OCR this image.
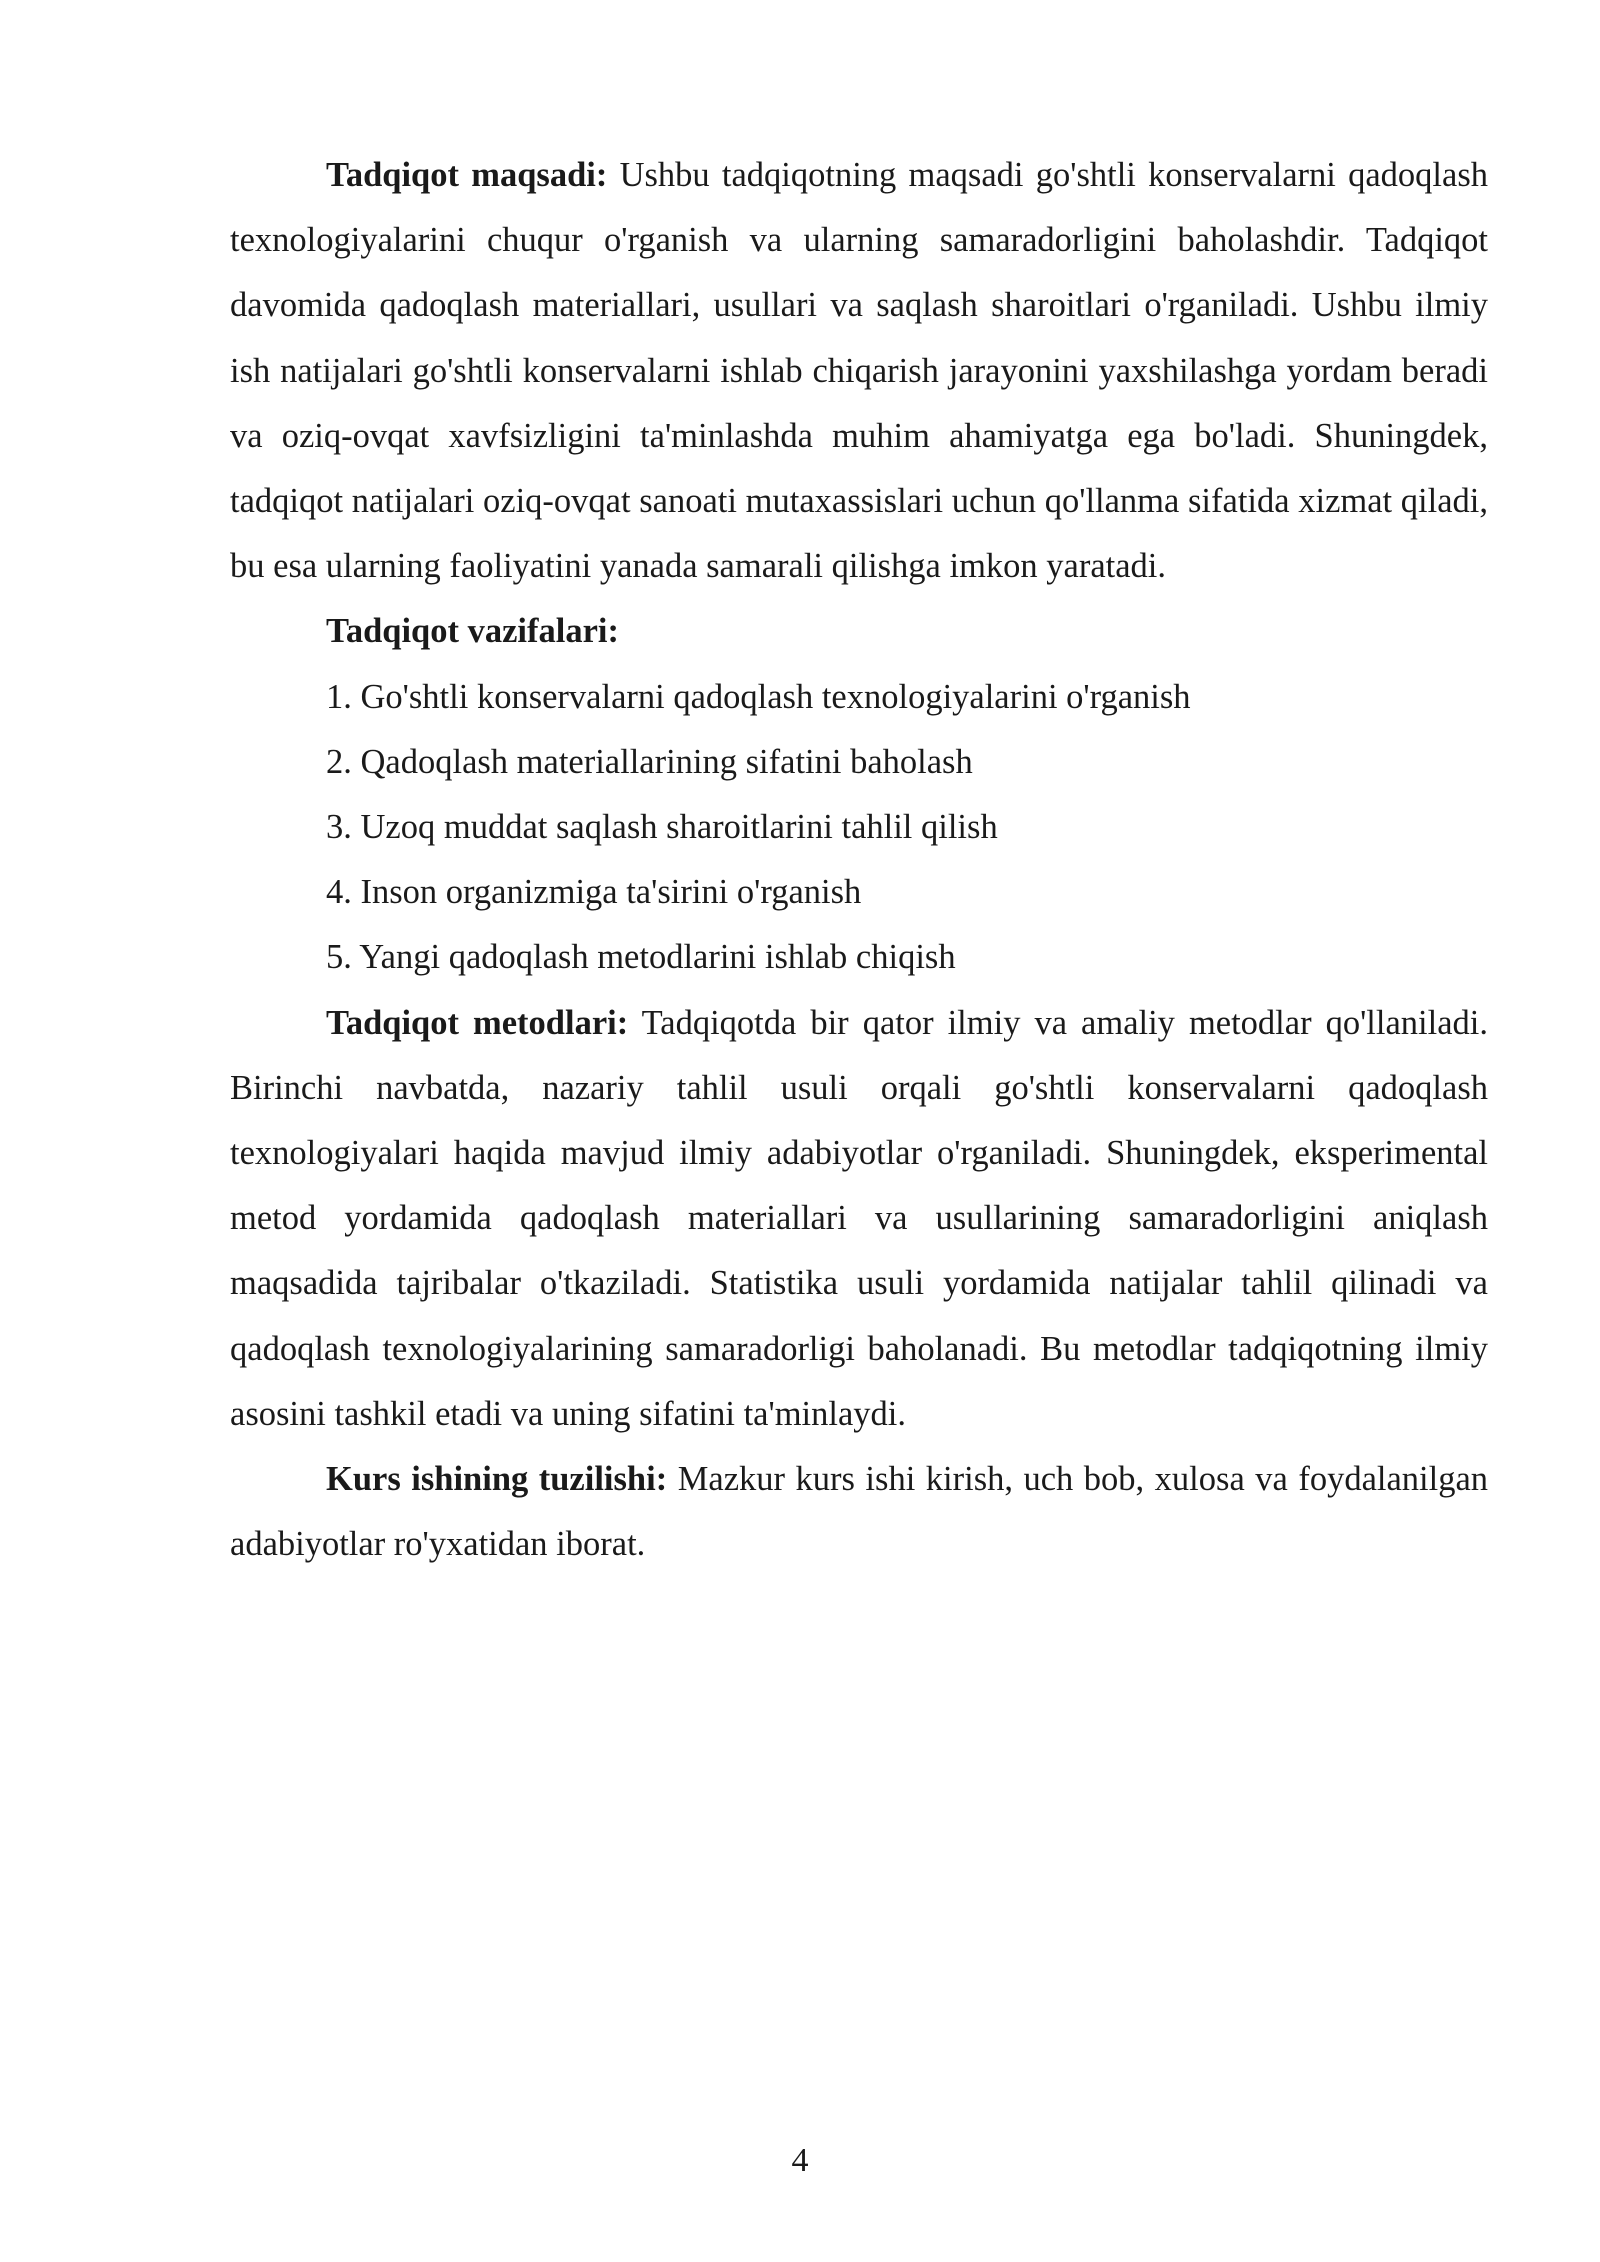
Tadqiqot maqsadi: Ushbu tadqiqotning maqsadi go'shtli konservalarni qadoqlash texnologiyalarini chuqur o'rganish va ularning samaradorligini baholashdir. Tadqiqot davomida qadoqlash materiallari, usullari va saqlash sharoitlari o'rganiladi. Ushbu ilmiy ish natijalari go'shtli konservalarni ishlab chiqarish jarayonini yaxshilashga yordam beradi va oziq-ovqat xavfsizligini ta'minlashda muhim ahamiyatga ega bo'ladi. Shuningdek, tadqiqot natijalari oziq-ovqat sanoati mutaxassislari uchun qo'llanma sifatida xizmat qiladi, bu esa ularning faoliyatini yanada samarali qilishga imkon yaratadi.

Tadqiqot vazifalari:

1. Go'shtli konservalarni qadoqlash texnologiyalarini o'rganish

2. Qadoqlash materiallarining sifatini baholash

3. Uzoq muddat saqlash sharoitlarini tahlil qilish

4. Inson organizmiga ta'sirini o'rganish

5. Yangi qadoqlash metodlarini ishlab chiqish

Tadqiqot metodlari: Tadqiqotda bir qator ilmiy va amaliy metodlar qo'llaniladi. Birinchi navbatda, nazariy tahlil usuli orqali go'shtli konservalarni qadoqlash texnologiyalari haqida mavjud ilmiy adabiyotlar o'rganiladi. Shuningdek, eksperimental metod yordamida qadoqlash materiallari va usullarining samaradorligini aniqlash maqsadida tajribalar o'tkaziladi. Statistika usuli yordamida natijalar tahlil qilinadi va qadoqlash texnologiyalarining samaradorligi baholanadi. Bu metodlar tadqiqotning ilmiy asosini tashkil etadi va uning sifatini ta'minlaydi.

Kurs ishining tuzilishi: Mazkur kurs ishi kirish, uch bob, xulosa va foydalanilgan adabiyotlar ro'yxatidan iborat.

4
